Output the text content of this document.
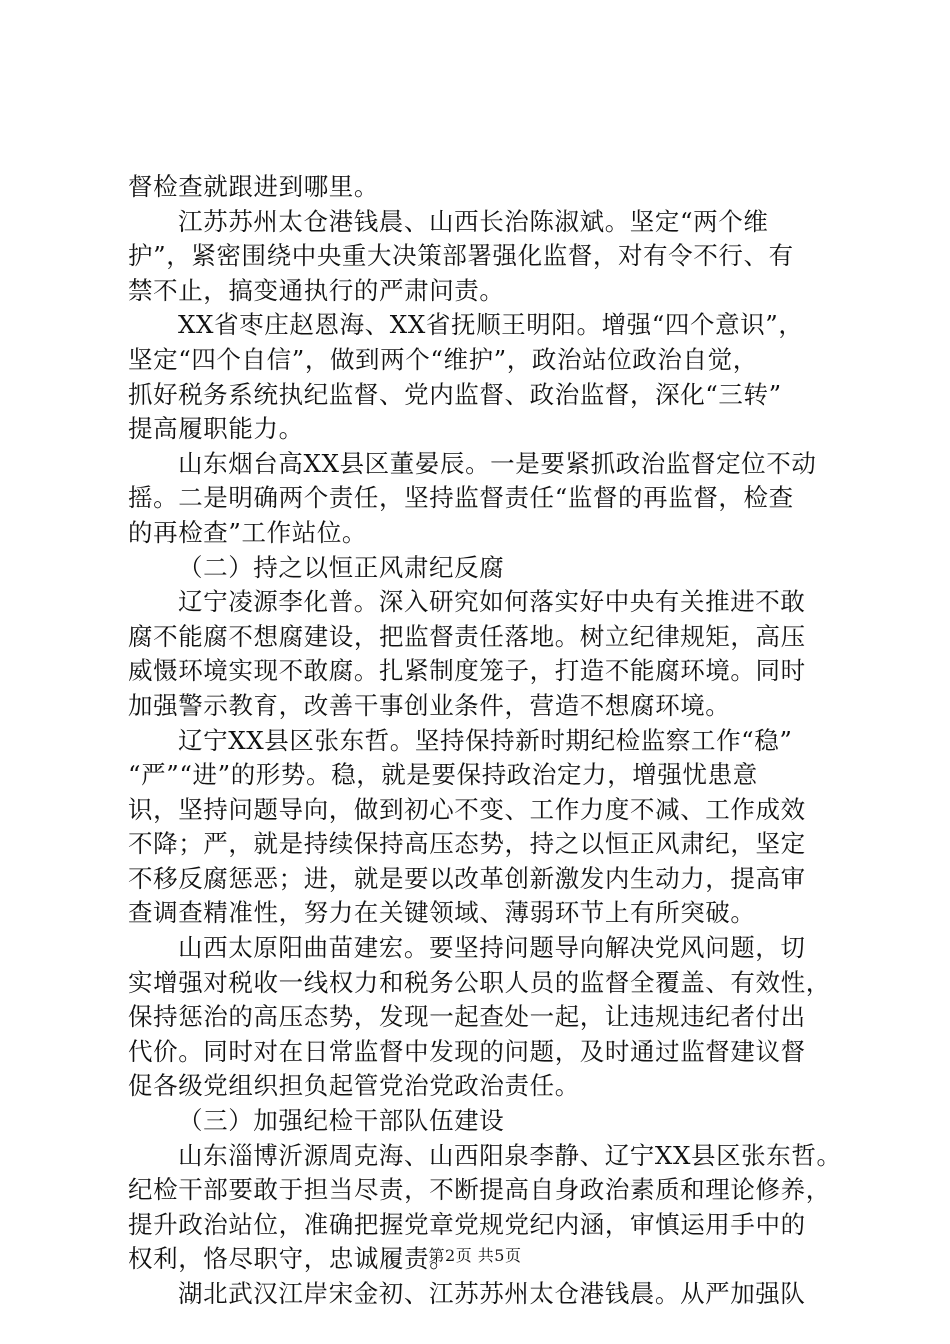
督检查就跟进到哪里。
江苏苏州太仓港钱晨、山西长治陈淑斌。坚定“两个维
护”，紧密围绕中央重大决策部署强化监督，对有令不行、有
禁不止，搞变通执行的严肃问责。
XX省枣庄赵恩海、XX省抚顺王明阳。增强“四个意识”，
坚定“四个自信”，做到两个“维护”，政治站位政治自觉，
抓好税务系统执纪监督、党内监督、政治监督，深化“三转”
提高履职能力。
山东烟台高XX县区董晏辰。一是要紧抓政治监督定位不动
摇。二是明确两个责任，坚持监督责任“监督的再监督，检查
的再检查”工作站位。
（二）持之以恒正风肃纪反腐
辽宁凌源李化普。深入研究如何落实好中央有关推进不敢
腐不能腐不想腐建设，把监督责任落地。树立纪律规矩，高压
威慑环境实现不敢腐。扎紧制度笼子，打造不能腐环境。同时
加强警示教育，改善干事创业条件，营造不想腐环境。
辽宁XX县区张东哲。坚持保持新时期纪检监察工作“稳”
“严”“进”的形势。稳，就是要保持政治定力，增强忧患意
识，坚持问题导向，做到初心不变、工作力度不减、工作成效
不降；严，就是持续保持高压态势，持之以恒正风肃纪，坚定
不移反腐惩恶；进，就是要以改革创新激发内生动力，提高审
查调查精准性，努力在关键领域、薄弱环节上有所突破。
山西太原阳曲苗建宏。要坚持问题导向解决党风问题，切
实增强对税收一线权力和税务公职人员的监督全覆盖、有效性，
保持惩治的高压态势，发现一起查处一起，让违规违纪者付出
代价。同时对在日常监督中发现的问题，及时通过监督建议督
促各级党组织担负起管党治党政治责任。
（三）加强纪检干部队伍建设
山东淄博沂源周克海、山西阳泉李静、辽宁XX县区张东哲。
纪检干部要敢于担当尽责，不断提高自身政治素质和理论修养，
提升政治站位，准确把握党章党规党纪内涵，审慎运用手中的
权利，恪尽职守，忠诚履责。
湖北武汉江岸宋金初、江苏苏州太仓港钱晨。从严加强队
第2页 共5页
